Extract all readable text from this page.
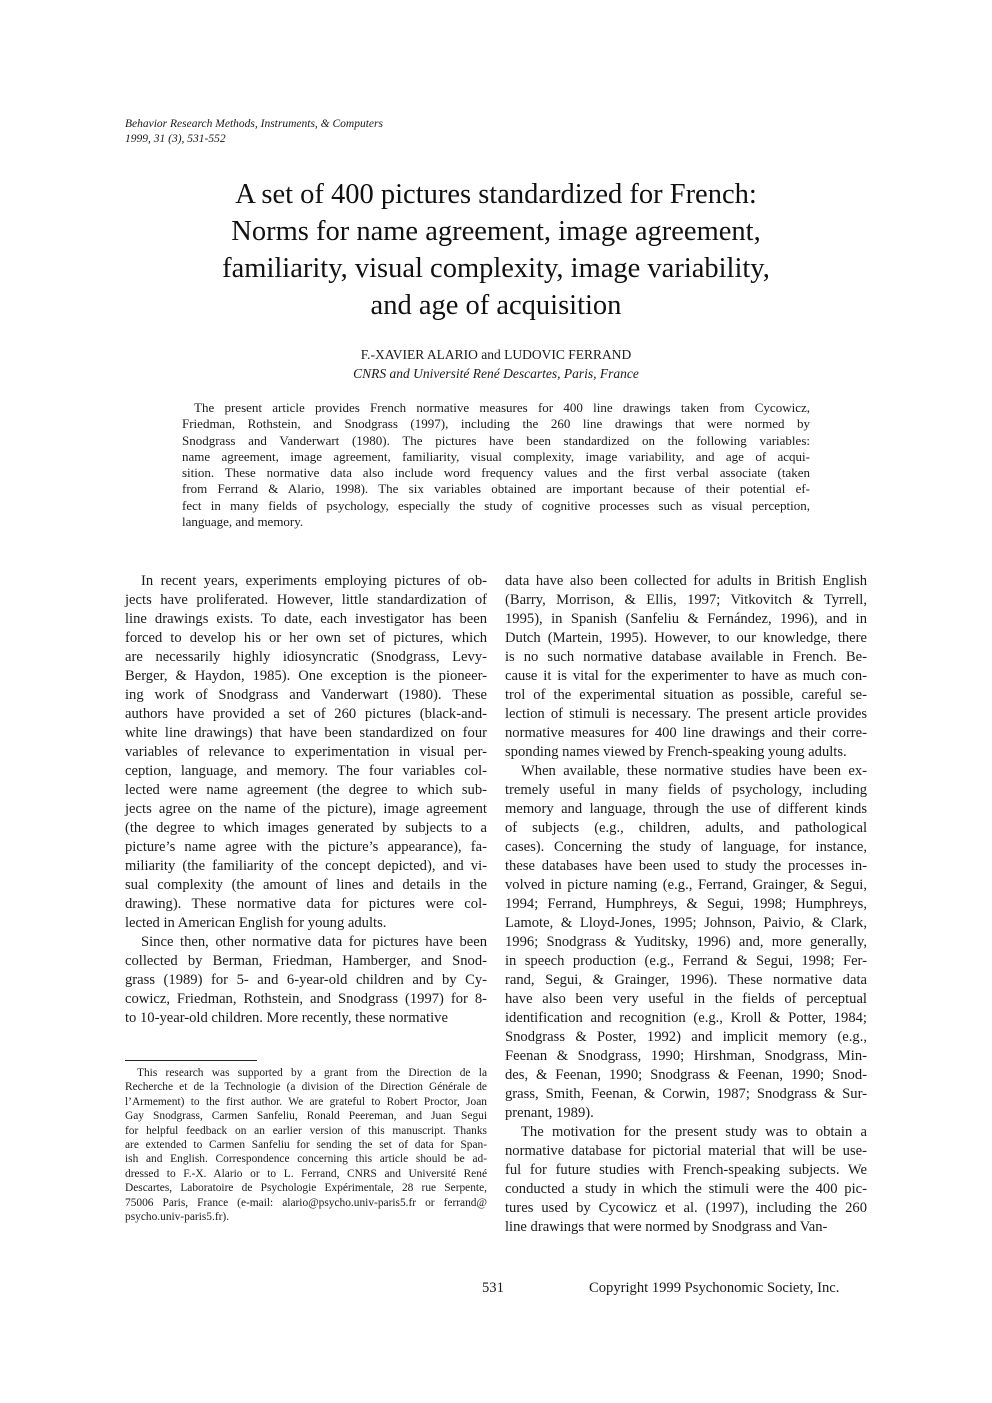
Behavior Research Methods, Instruments, & Computers
1999, 31 (3), 531-552
A set of 400 pictures standardized for French:
Norms for name agreement, image agreement,
familiarity, visual complexity, image variability,
and age of acquisition
F.-XAVIER ALARIO and LUDOVIC FERRAND
CNRS and Université René Descartes, Paris, France
The present article provides French normative measures for 400 line drawings taken from Cycowicz,
Friedman, Rothstein, and Snodgrass (1997), including the 260 line drawings that were normed by
Snodgrass and Vanderwart (1980). The pictures have been standardized on the following variables:
name agreement, image agreement, familiarity, visual complexity, image variability, and age of acqui-
sition. These normative data also include word frequency values and the first verbal associate (taken
from Ferrand & Alario, 1998). The six variables obtained are important because of their potential ef-
fect in many fields of psychology, especially the study of cognitive processes such as visual perception,
language, and memory.
In recent years, experiments employing pictures of ob-
jects have proliferated. However, little standardization of
line drawings exists. To date, each investigator has been
forced to develop his or her own set of pictures, which
are necessarily highly idiosyncratic (Snodgrass, Levy-
Berger, & Haydon, 1985). One exception is the pioneer-
ing work of Snodgrass and Vanderwart (1980). These
authors have provided a set of 260 pictures (black-and-
white line drawings) that have been standardized on four
variables of relevance to experimentation in visual per-
ception, language, and memory. The four variables col-
lected were name agreement (the degree to which sub-
jects agree on the name of the picture), image agreement
(the degree to which images generated by subjects to a
picture’s name agree with the picture’s appearance), fa-
miliarity (the familiarity of the concept depicted), and vi-
sual complexity (the amount of lines and details in the
drawing). These normative data for pictures were col-
lected in American English for young adults.
Since then, other normative data for pictures have been
collected by Berman, Friedman, Hamberger, and Snod-
grass (1989) for 5- and 6-year-old children and by Cy-
cowicz, Friedman, Rothstein, and Snodgrass (1997) for 8-
to 10-year-old children. More recently, these normative
This research was supported by a grant from the Direction de la
Recherche et de la Technologie (a division of the Direction Générale de
l’Armement) to the first author. We are grateful to Robert Proctor, Joan
Gay Snodgrass, Carmen Sanfeliu, Ronald Peereman, and Juan Segui
for helpful feedback on an earlier version of this manuscript. Thanks
are extended to Carmen Sanfeliu for sending the set of data for Span-
ish and English. Correspondence concerning this article should be ad-
dressed to F.-X. Alario or to L. Ferrand, CNRS and Université René
Descartes, Laboratoire de Psychologie Expérimentale, 28 rue Serpente,
75006 Paris, France (e-mail: alario@psycho.univ-paris5.fr or ferrand@
psycho.univ-paris5.fr).
data have also been collected for adults in British English
(Barry, Morrison, & Ellis, 1997; Vitkovitch & Tyrrell,
1995), in Spanish (Sanfeliu & Fernández, 1996), and in
Dutch (Martein, 1995). However, to our knowledge, there
is no such normative database available in French. Be-
cause it is vital for the experimenter to have as much con-
trol of the experimental situation as possible, careful se-
lection of stimuli is necessary. The present article provides
normative measures for 400 line drawings and their corre-
sponding names viewed by French-speaking young adults.
When available, these normative studies have been ex-
tremely useful in many fields of psychology, including
memory and language, through the use of different kinds
of subjects (e.g., children, adults, and pathological
cases). Concerning the study of language, for instance,
these databases have been used to study the processes in-
volved in picture naming (e.g., Ferrand, Grainger, & Segui,
1994; Ferrand, Humphreys, & Segui, 1998; Humphreys,
Lamote, & Lloyd-Jones, 1995; Johnson, Paivio, & Clark,
1996; Snodgrass & Yuditsky, 1996) and, more generally,
in speech production (e.g., Ferrand & Segui, 1998; Fer-
rand, Segui, & Grainger, 1996). These normative data
have also been very useful in the fields of perceptual
identification and recognition (e.g., Kroll & Potter, 1984;
Snodgrass & Poster, 1992) and implicit memory (e.g.,
Feenan & Snodgrass, 1990; Hirshman, Snodgrass, Min-
des, & Feenan, 1990; Snodgrass & Feenan, 1990; Snod-
grass, Smith, Feenan, & Corwin, 1987; Snodgrass & Sur-
prenant, 1989).
The motivation for the present study was to obtain a
normative database for pictorial material that will be use-
ful for future studies with French-speaking subjects. We
conducted a study in which the stimuli were the 400 pic-
tures used by Cycowicz et al. (1997), including the 260
line drawings that were normed by Snodgrass and Van-
531	Copyright 1999 Psychonomic Society, Inc.
